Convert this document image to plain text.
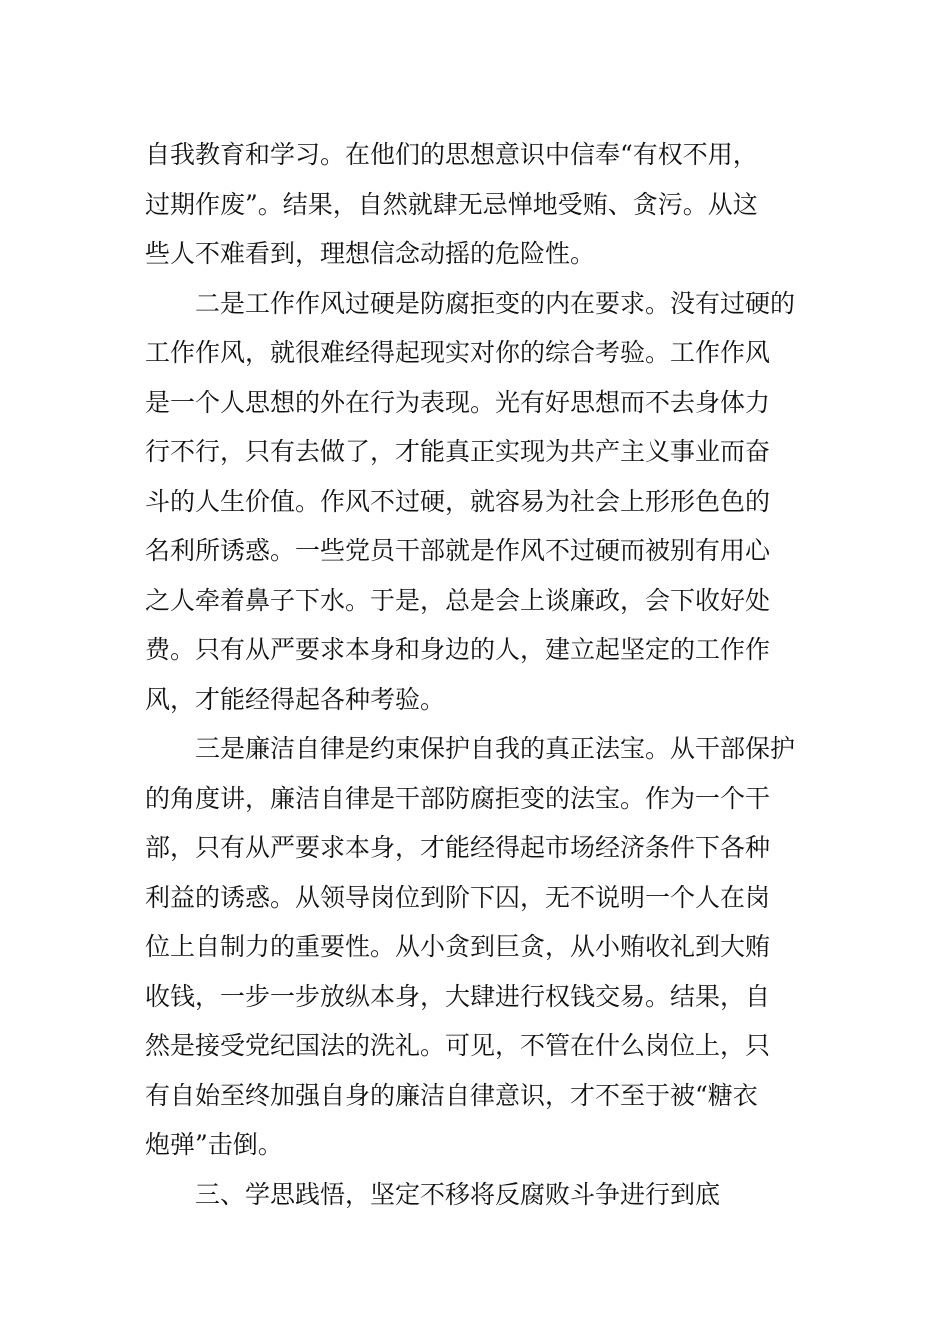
自我教育和学习。在他们的思想意识中信奉“有权不用，
过期作废”。结果，自然就肆无忌惮地受贿、贪污。从这
些人不难看到，理想信念动摇的危险性。

二是工作作风过硬是防腐拒变的内在要求。没有过硬的
工作作风，就很难经得起现实对你的综合考验。工作作风
是一个人思想的外在行为表现。光有好思想而不去身体力
行不行，只有去做了，才能真正实现为共产主义事业而奋
斗的人生价值。作风不过硬，就容易为社会上形形色色的
名利所诱惑。一些党员干部就是作风不过硬而被别有用心
之人牵着鼻子下水。于是，总是会上谈廉政，会下收好处
费。只有从严要求本身和身边的人，建立起坚定的工作作
风，才能经得起各种考验。

三是廉洁自律是约束保护自我的真正法宝。从干部保护
的角度讲，廉洁自律是干部防腐拒变的法宝。作为一个干
部，只有从严要求本身，才能经得起市场经济条件下各种
利益的诱惑。从领导岗位到阶下囚，无不说明一个人在岗
位上自制力的重要性。从小贪到巨贪，从小贿收礼到大贿
收钱，一步一步放纵本身，大肆进行权钱交易。结果，自
然是接受党纪国法的洗礼。可见，不管在什么岗位上，只
有自始至终加强自身的廉洁自律意识，才不至于被“糖衣
炮弹”击倒。

三、学思践悟，坚定不移将反腐败斗争进行到底
